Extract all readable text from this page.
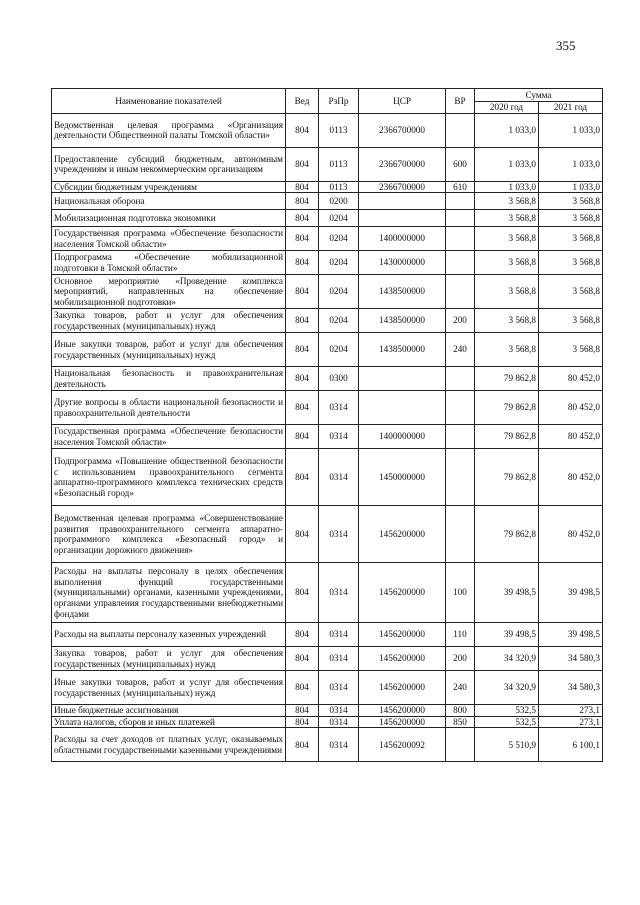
355
Наименование показателей	Вед	РзПр	ЦСР	ВР	Сумма	
					2020 год	2021 год
Ведомственная целевая программа «Организация деятельности Общественной палаты Томской области»	804	0113	2366700000		1 033,0	1 033,0
Предоставление субсидий бюджетным, автономным учреждениям и иным некоммерческим организациям	804	0113	2366700000	600	1 033,0	1 033,0
Субсидии бюджетным учреждениям	804	0113	2366700000	610	1 033,0	1 033,0
Национальная оборона	804	0200			3 568,8	3 568,8
Мобилизационная подготовка экономики	804	0204			3 568,8	3 568,8
Государственная программа «Обеспечение безопасности населения Томской области»	804	0204	1400000000		3 568,8	3 568,8
Подпрограмма «Обеспечение мобилизационной подготовки в Томской области»	804	0204	1430000000		3 568,8	3 568,8
Основное мероприятие «Проведение комплекса мероприятий, направленных на обеспечение мобилизационной подготовки»	804	0204	1438500000		3 568,8	3 568,8
Закупка товаров, работ и услуг для обеспечения государственных (муниципальных) нужд	804	0204	1438500000	200	3 568,8	3 568,8
Иные закупки товаров, работ и услуг для обеспечения государственных (муниципальных) нужд	804	0204	1438500000	240	3 568,8	3 568,8
Национальная безопасность и правоохранительная деятельность	804	0300			79 862,8	80 452,0
Другие вопросы в области национальной безопасности и правоохранительной деятельности	804	0314			79 862,8	80 452,0
Государственная программа «Обеспечение безопасности населения Томской области»	804	0314	1400000000		79 862,8	80 452,0
Подпрограмма «Повышение общественной безопасности с использованием правоохранительного сегмента аппаратно-программного комплекса технических средств «Безопасный город»	804	0314	1450000000		79 862,8	80 452,0
Ведомственная целевая программа «Совершенствование развития правоохранительного сегмента аппаратно-программного комплекса «Безопасный город» и организации дорожного движения»	804	0314	1456200000		79 862,8	80 452,0
Расходы на выплаты персоналу в целях обеспечения выполнения функций государственными (муниципальными) органами, казенными учреждениями, органами управления государственными внебюджетными фондами	804	0314	1456200000	100	39 498,5	39 498,5
Расходы на выплаты персоналу казенных учреждений	804	0314	1456200000	110	39 498,5	39 498,5
Закупка товаров, работ и услуг для обеспечения государственных (муниципальных) нужд	804	0314	1456200000	200	34 320,9	34 580,3
Иные закупки товаров, работ и услуг для обеспечения государственных (муниципальных) нужд	804	0314	1456200000	240	34 320,9	34 580,3
Иные бюджетные ассигнования	804	0314	1456200000	800	532,5	273,1
Уплата налогов, сборов и иных платежей	804	0314	1456200000	850	532,5	273,1
Расходы за счет доходов от платных услуг, оказываемых областными государственными казенными учреждениями	804	0314	1456200092		5 510,9	6 100,1
